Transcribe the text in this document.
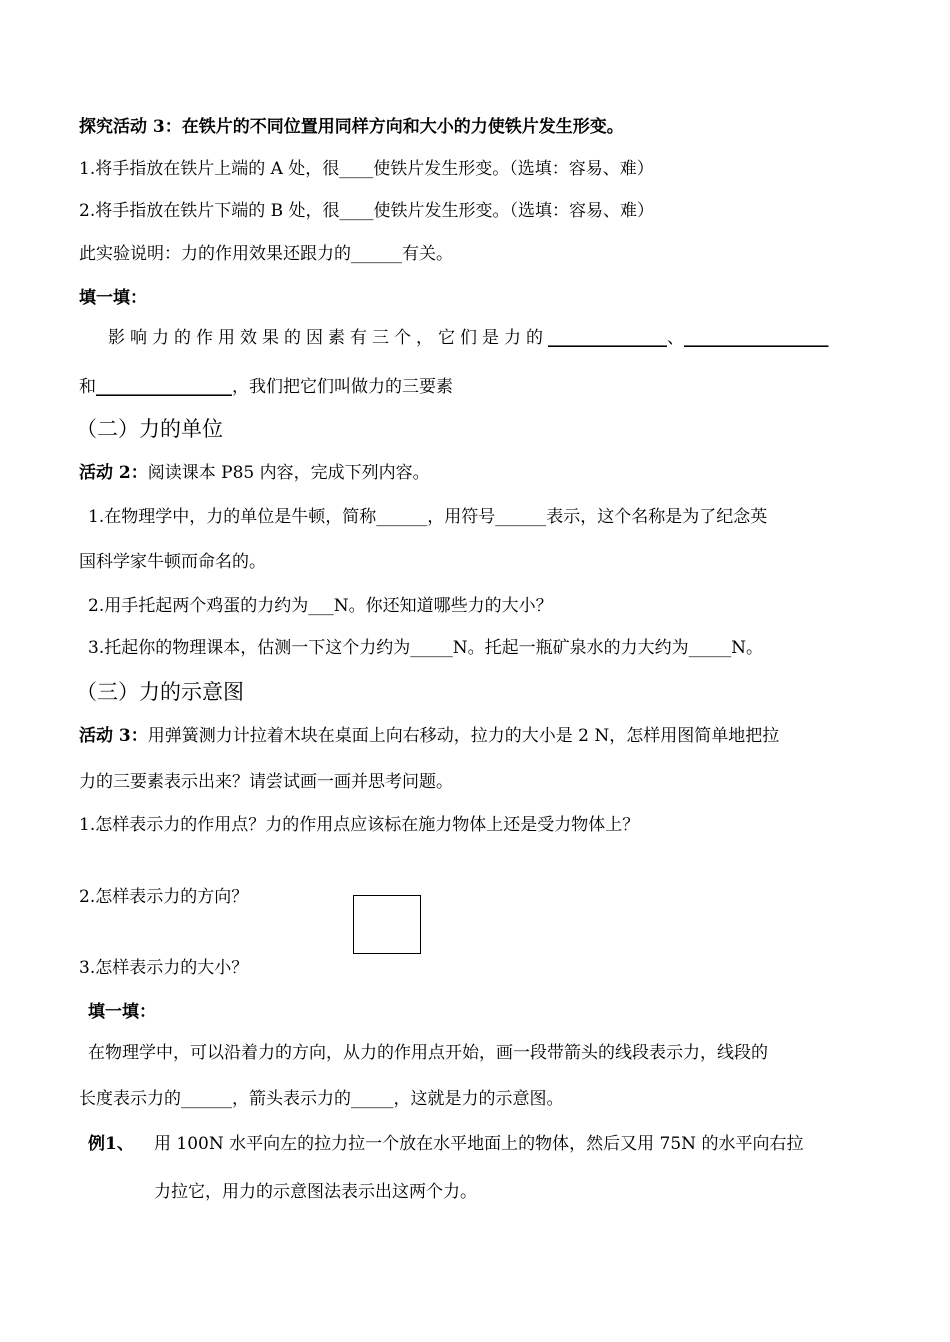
探究活动 3：在铁片的不同位置用同样方向和大小的力使铁片发生形变。
1.将手指放在铁片上端的 A 处，很____使铁片发生形变。（选填：容易、难）
2.将手指放在铁片下端的 B 处，很____使铁片发生形变。（选填：容易、难）
此实验说明：力的作用效果还跟力的______有关。
填一填：
影响力的作用效果的因素有三个，它们是力的______________、_________________
和________________，我们把它们叫做力的三要素
（二）力的单位
活动 2：阅读课本 P85 内容，完成下列内容。
1.在物理学中，力的单位是牛顿，简称______，用符号______表示，这个名称是为了纪念英
国科学家牛顿而命名的。
2.用手托起两个鸡蛋的力约为___N。你还知道哪些力的大小？
3.托起你的物理课本，估测一下这个力约为_____N。托起一瓶矿泉水的力大约为_____N。
（三）力的示意图
活动 3：用弹簧测力计拉着木块在桌面上向右移动，拉力的大小是 2 N，怎样用图简单地把拉
力的三要素表示出来？请尝试画一画并思考问题。
1.怎样表示力的作用点？力的作用点应该标在施力物体上还是受力物体上？
2.怎样表示力的方向？
3.怎样表示力的大小？
填一填：
在物理学中，可以沿着力的方向，从力的作用点开始，画一段带箭头的线段表示力，线段的
长度表示力的______，箭头表示力的_____，这就是力的示意图。
例1、 用 100N 水平向左的拉力拉一个放在水平地面上的物体，然后又用 75N 的水平向右拉
力拉它，用力的示意图法表示出这两个力。
